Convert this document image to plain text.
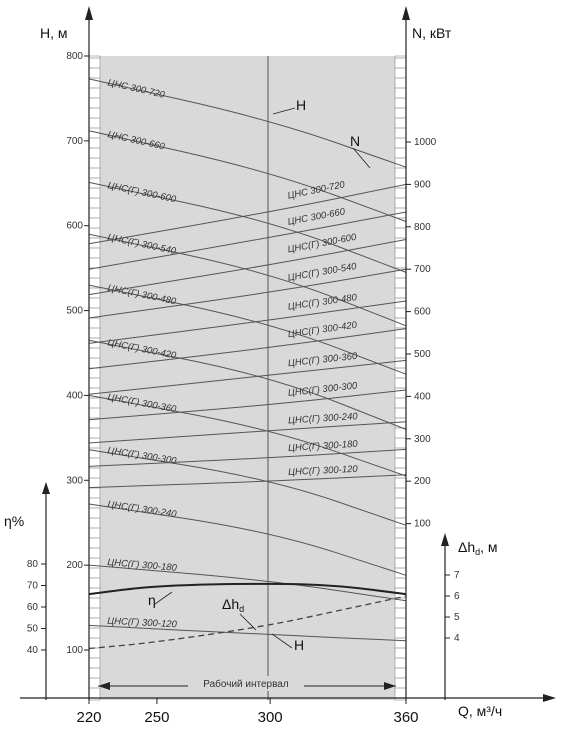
ЦНС 300-720
ЦНС 300-660
ЦНС(Г) 300-600
ЦНС(Г) 300-540
ЦНС(Г) 300-480
ЦНС(Г) 300-420
ЦНС(Г) 300-360
ЦНС(Г) 300-300
ЦНС(Г) 300-240
ЦНС(Г) 300-180
ЦНС(Г) 300-120
ЦНС 300-720
ЦНС 300-660
ЦНС(Г) 300-600
ЦНС(Г) 300-540
ЦНС(Г) 300-480
ЦНС(Г) 300-420
ЦНС(Г) 300-360
ЦНС(Г) 300-300
ЦНС(Г) 300-240
ЦНС(Г) 300-180
ЦНС(Г) 300-120
H, м	N, кВт
η%
$\Delta h_d$, м
Q, м³/ч
100
200
300
400
500
600
700
800
100
200
300
400
500
600
700
800
900
1000
40
50
60
70
80
4
5
6
7
220	250	300	360
Рабочий интервал
H
N
η	$\Delta h_d$
H
